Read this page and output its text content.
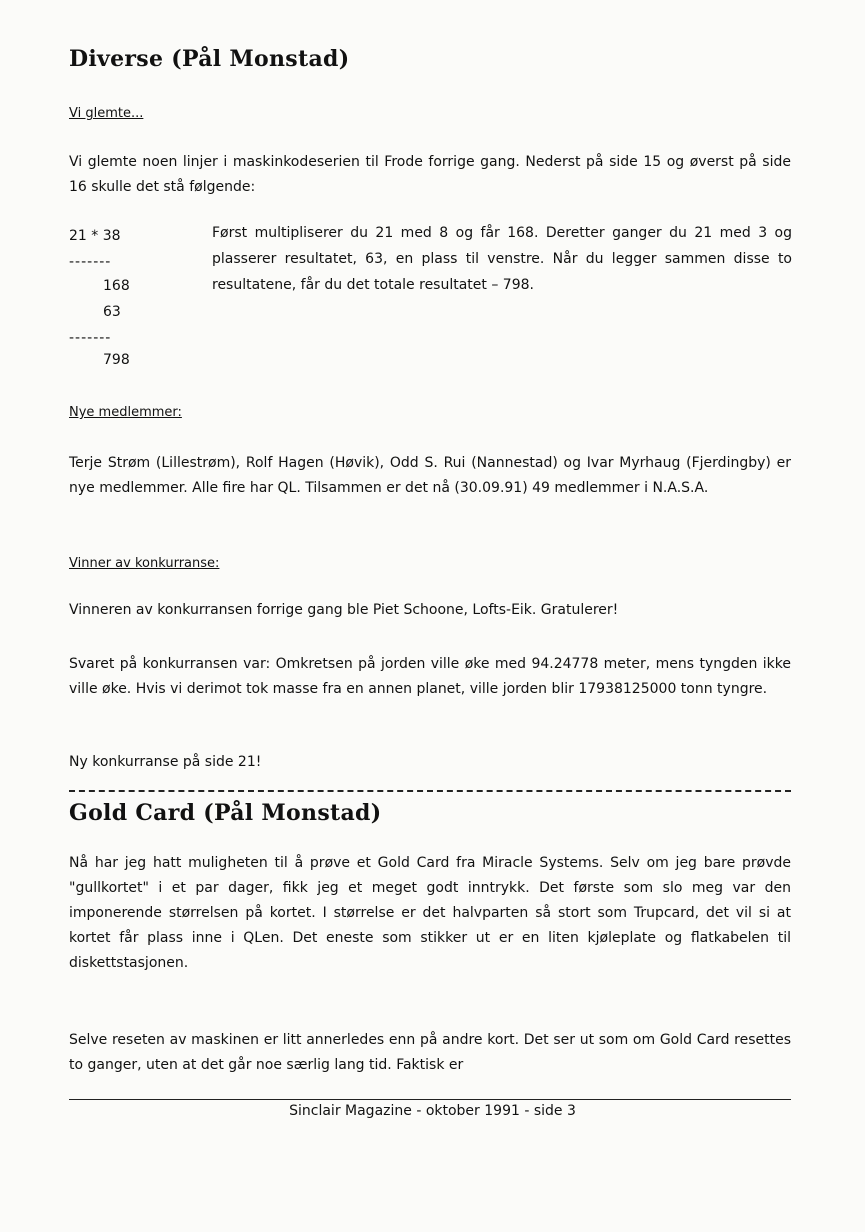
Diverse (Pål Monstad)
Vi glemte...
Vi glemte noen linjer i maskinkodeserien til Frode forrige gang. Nederst på side 15 og øverst på side 16 skulle det stå følgende:
21 * 38
-------
168
63
-------
798
Først multipliserer du 21 med 8 og får 168. Deretter ganger du 21 med 3 og plasserer resultatet, 63, en plass til venstre. Når du legger sammen disse to resultatene, får du det totale resultatet – 798.
Nye medlemmer:
Terje Strøm (Lillestrøm), Rolf Hagen (Høvik), Odd S. Rui (Nannestad) og Ivar Myrhaug (Fjerdingby) er nye medlemmer. Alle fire har QL. Tilsammen er det nå (30.09.91) 49 medlemmer i N.A.S.A.
Vinner av konkurranse:
Vinneren av konkurransen forrige gang ble Piet Schoone, Lofts-Eik. Gratulerer!
Svaret på konkurransen var: Omkretsen på jorden ville øke med 94.24778 meter, mens tyngden ikke ville øke. Hvis vi derimot tok masse fra en annen planet, ville jorden blir 17938125000 tonn tyngre.
Ny konkurranse på side 21!
Gold Card (Pål Monstad)
Nå har jeg hatt muligheten til å prøve et Gold Card fra Miracle Systems. Selv om jeg bare prøvde "gullkortet" i et par dager, fikk jeg et meget godt inntrykk. Det første som slo meg var den imponerende størrelsen på kortet. I størrelse er det halvparten så stort som Trupcard, det vil si at kortet får plass inne i QLen. Det eneste som stikker ut er en liten kjøleplate og flatkabelen til diskettstasjonen.
Selve reseten av maskinen er litt annerledes enn på andre kort. Det ser ut som om Gold Card resettes to ganger, uten at det går noe særlig lang tid. Faktisk er
Sinclair Magazine - oktober 1991 - side 3
